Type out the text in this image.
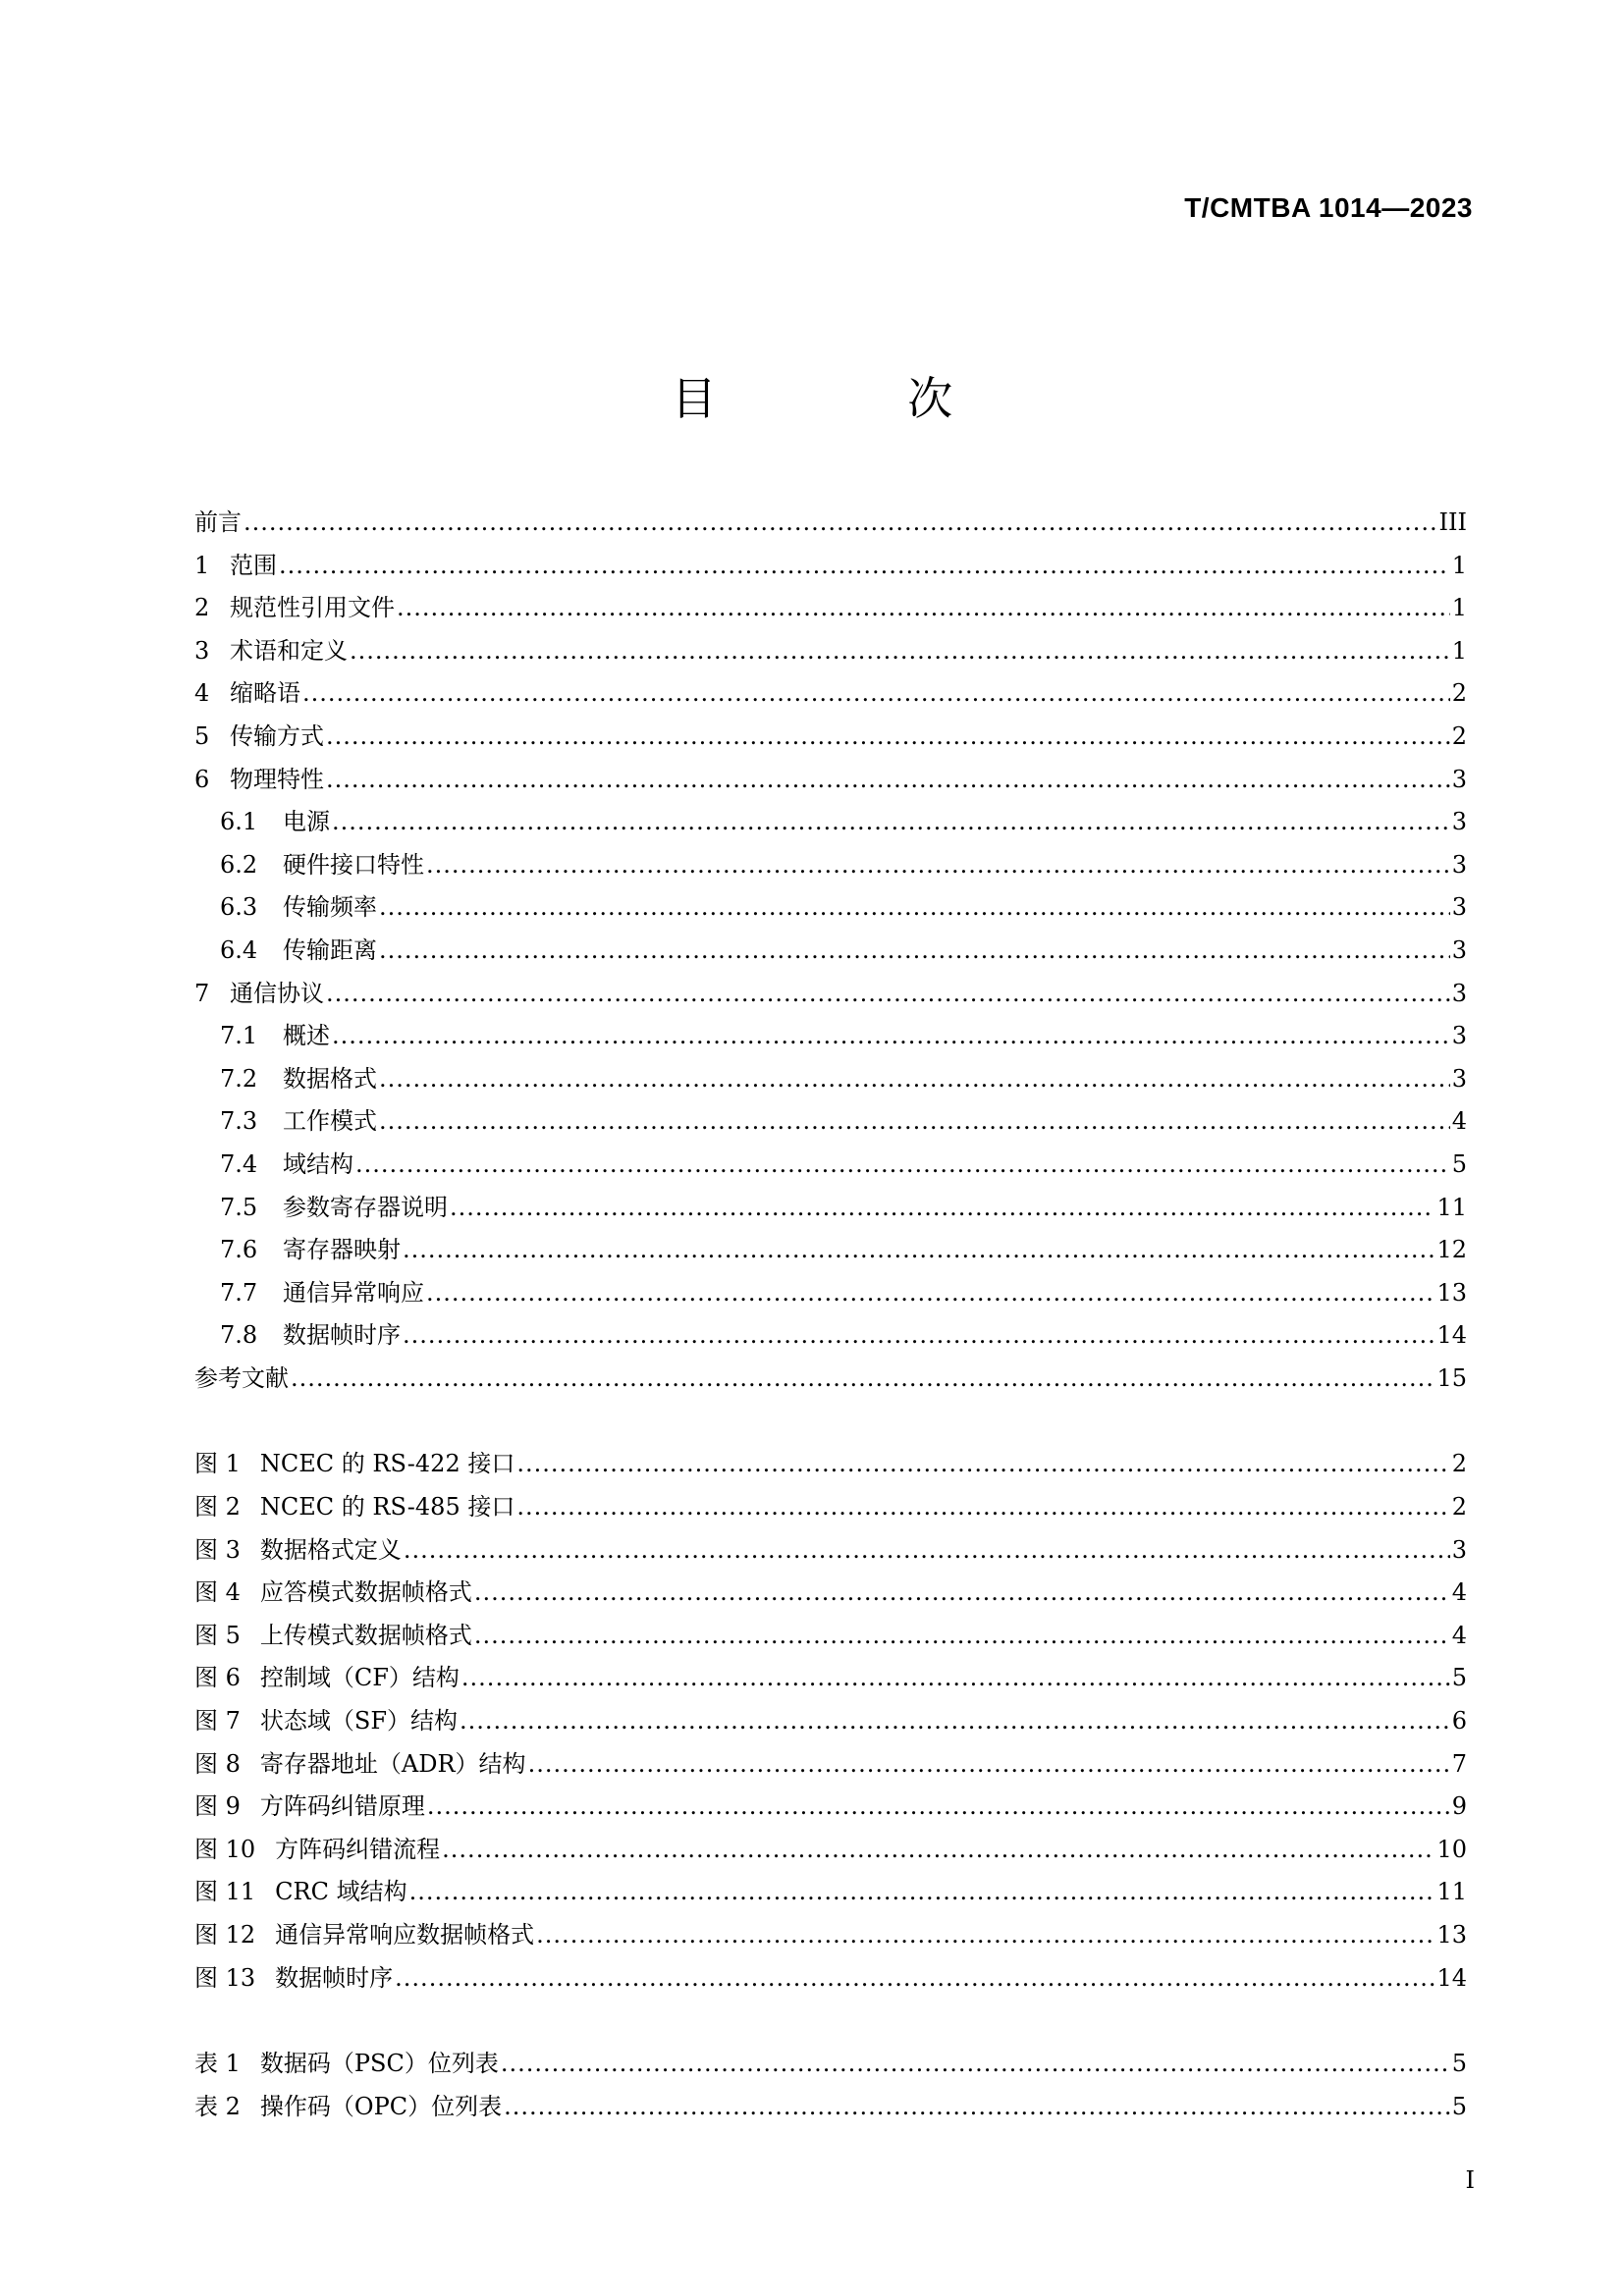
T/CMTBA 1014—2023
目 次
前言 .....	III
1 范围 .....	1
2 规范性引用文件 .....	1
3 术语和定义 .....	1
4 缩略语 .....	2
5 传输方式 .....	2
6 物理特性 .....	3
6.1	电源 .....	3
6.2	硬件接口特性 .....	3
6.3	传输频率 .....	3
6.4	传输距离 .....	3
7 通信协议 .....	3
7.1	概述 .....	3
7.2	数据格式 .....	3
7.3	工作模式 .....	4
7.4	域结构 .....	5
7.5	参数寄存器说明 .....	11
7.6	寄存器映射 .....	12
7.7	通信异常响应 .....	13
7.8	数据帧时序 .....	14
参考文献 .....	15
图 1 NCEC 的 RS-422 接口 .....	2
图 2 NCEC 的 RS-485 接口 .....	2
图 3 数据格式定义 .....	3
图 4 应答模式数据帧格式 .....	4
图 5 上传模式数据帧格式 .....	4
图 6 控制域（CF）结构 .....	5
图 7 状态域（SF）结构 .....	6
图 8 寄存器地址（ADR）结构 .....	7
图 9 方阵码纠错原理 .....	9
图 10 方阵码纠错流程 .....	10
图 11 CRC 域结构 .....	11
图 12 通信异常响应数据帧格式 .....	13
图 13 数据帧时序 .....	14
表 1 数据码（PSC）位列表 .....	5
表 2 操作码（OPC）位列表 .....	5
I
